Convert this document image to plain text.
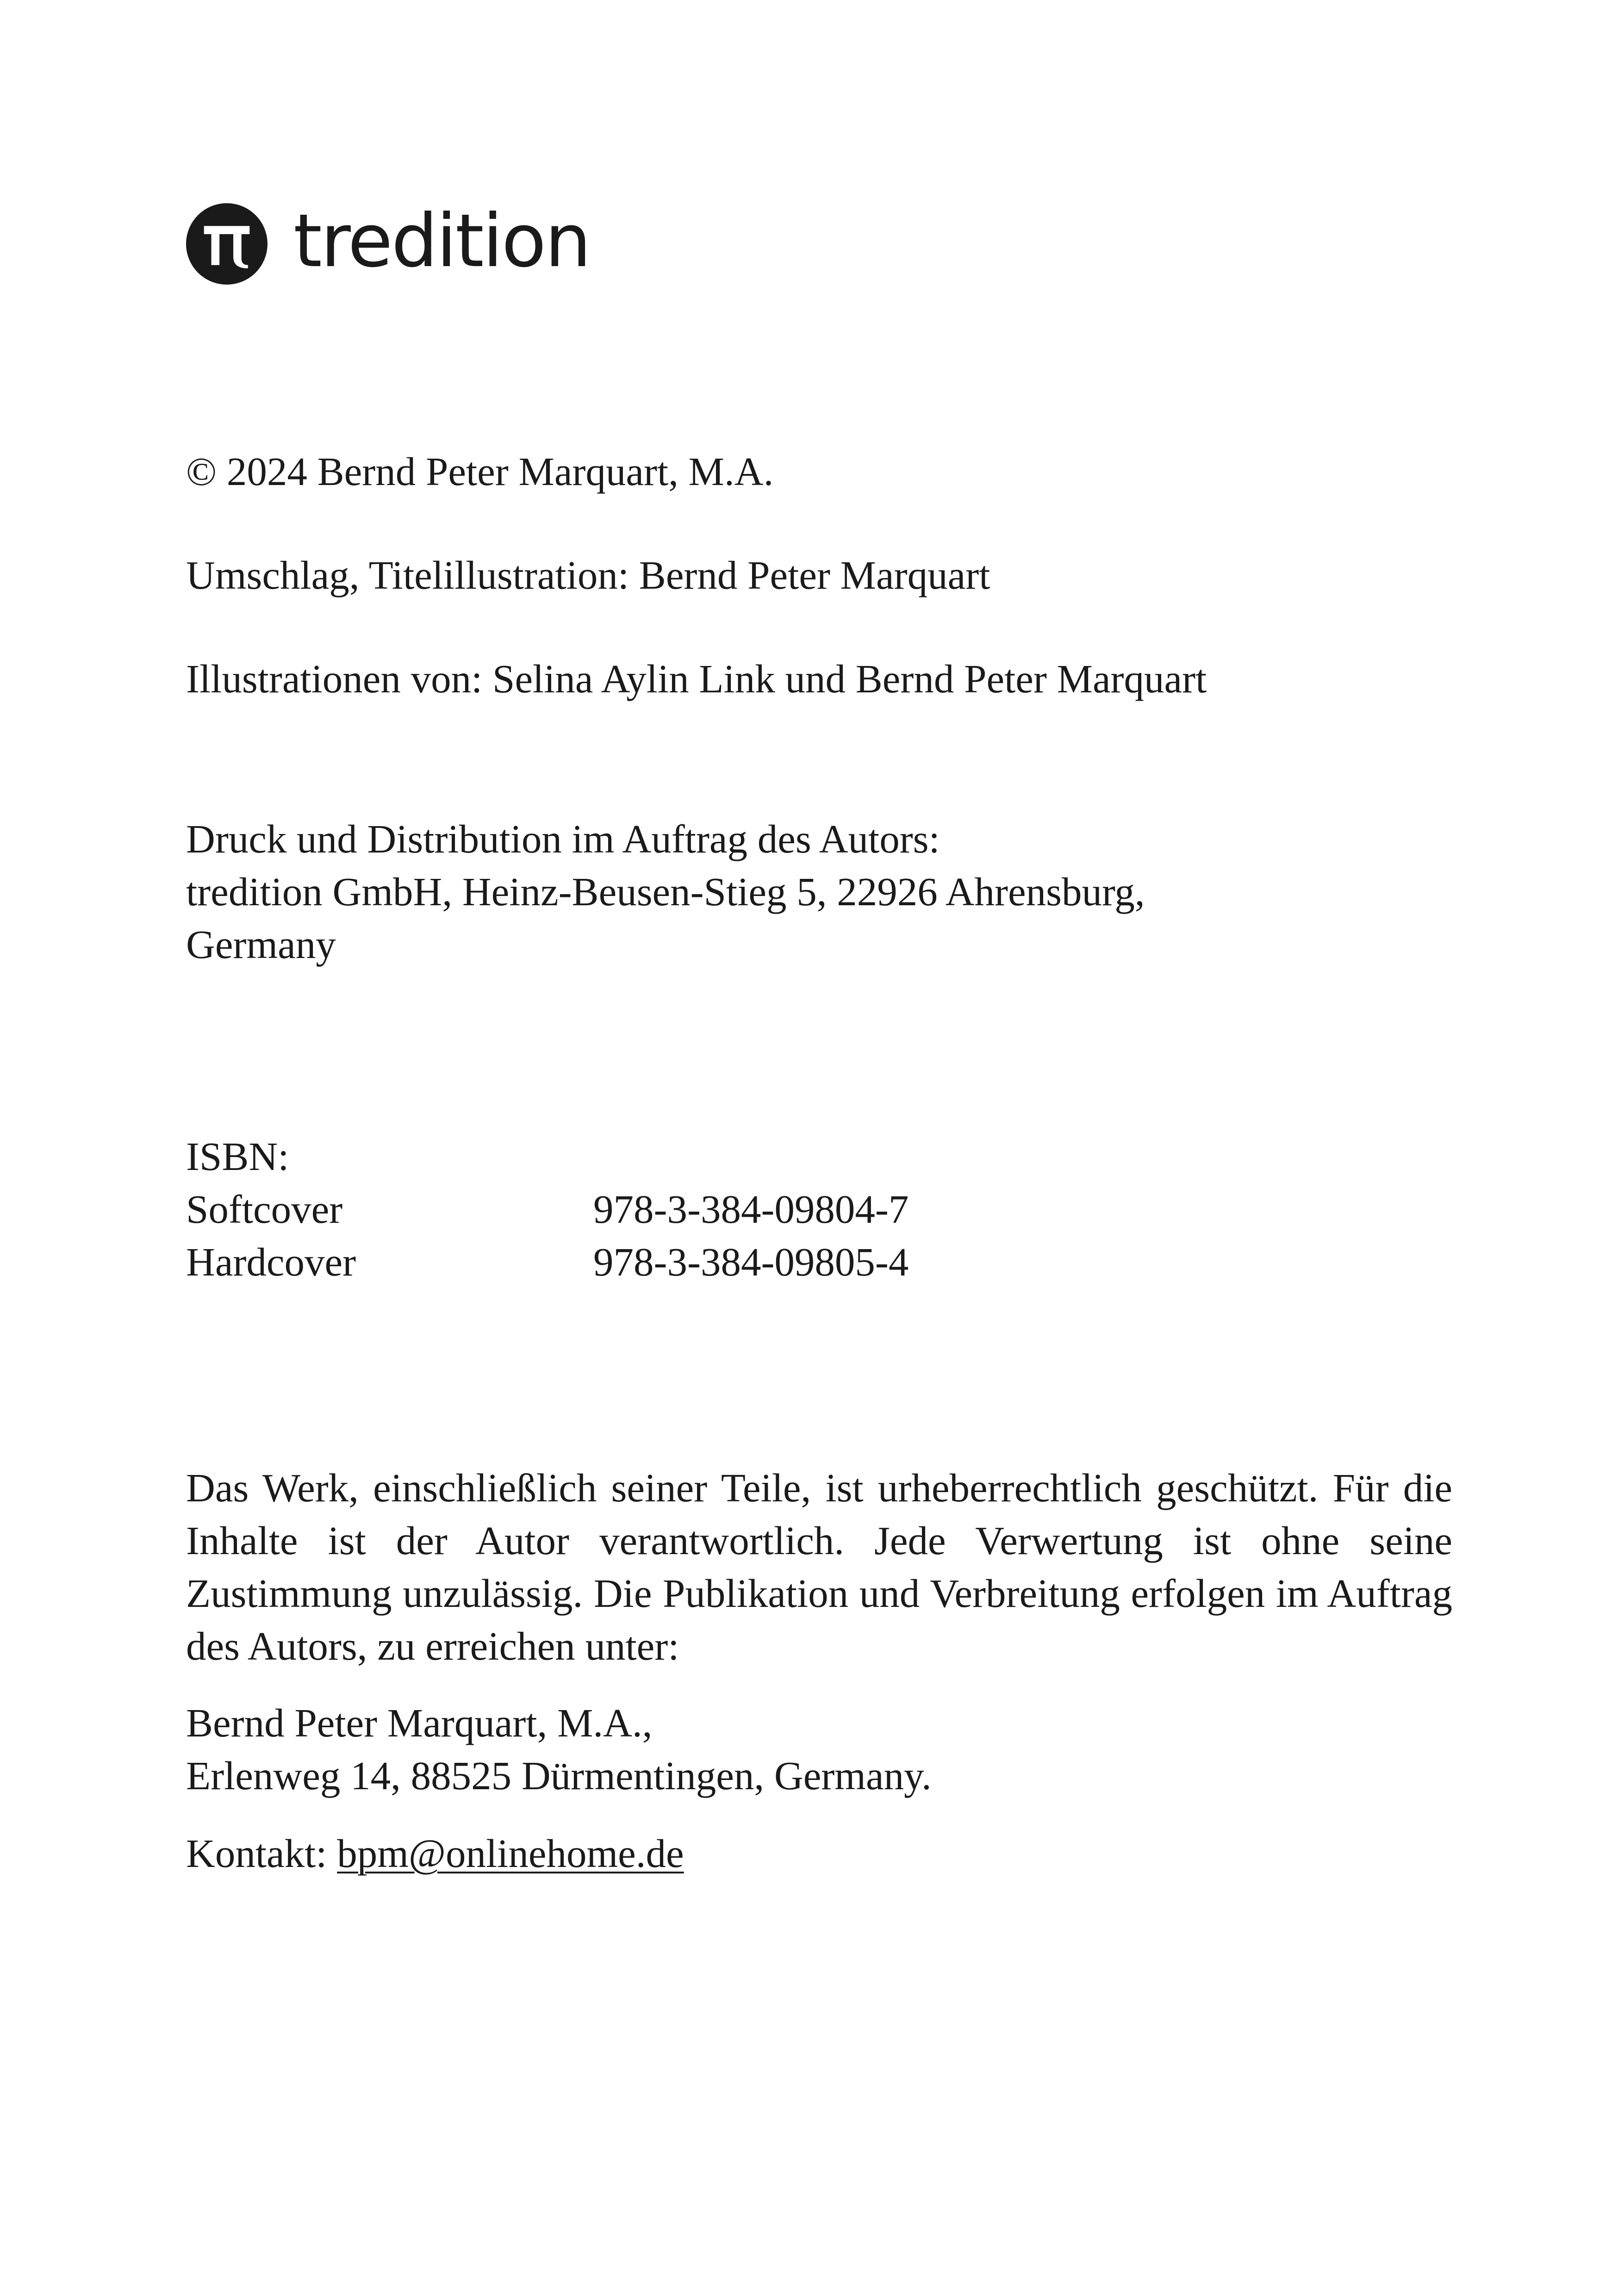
tredition
© 2024 Bernd Peter Marquart, M.A.
Umschlag, Titelillustration: Bernd Peter Marquart
Illustrationen von: Selina Aylin Link und Bernd Peter Marquart
Druck und Distribution im Auftrag des Autors:
tredition GmbH, Heinz-Beusen-Stieg 5, 22926 Ahrensburg,
Germany
ISBN:
Softcover	978-3-384-09804-7
Hardcover	978-3-384-09805-4
Das Werk, einschließlich seiner Teile, ist urheberrechtlich geschützt. Für die Inhalte ist der Autor verantwortlich. Jede Verwertung ist ohne seine Zustimmung unzulässig. Die Publikation und Verbreitung erfolgen im Auftrag des Autors, zu erreichen unter:
Bernd Peter Marquart, M.A.,
Erlenweg 14, 88525 Dürmentingen, Germany.
Kontakt: bpm@onlinehome.de
